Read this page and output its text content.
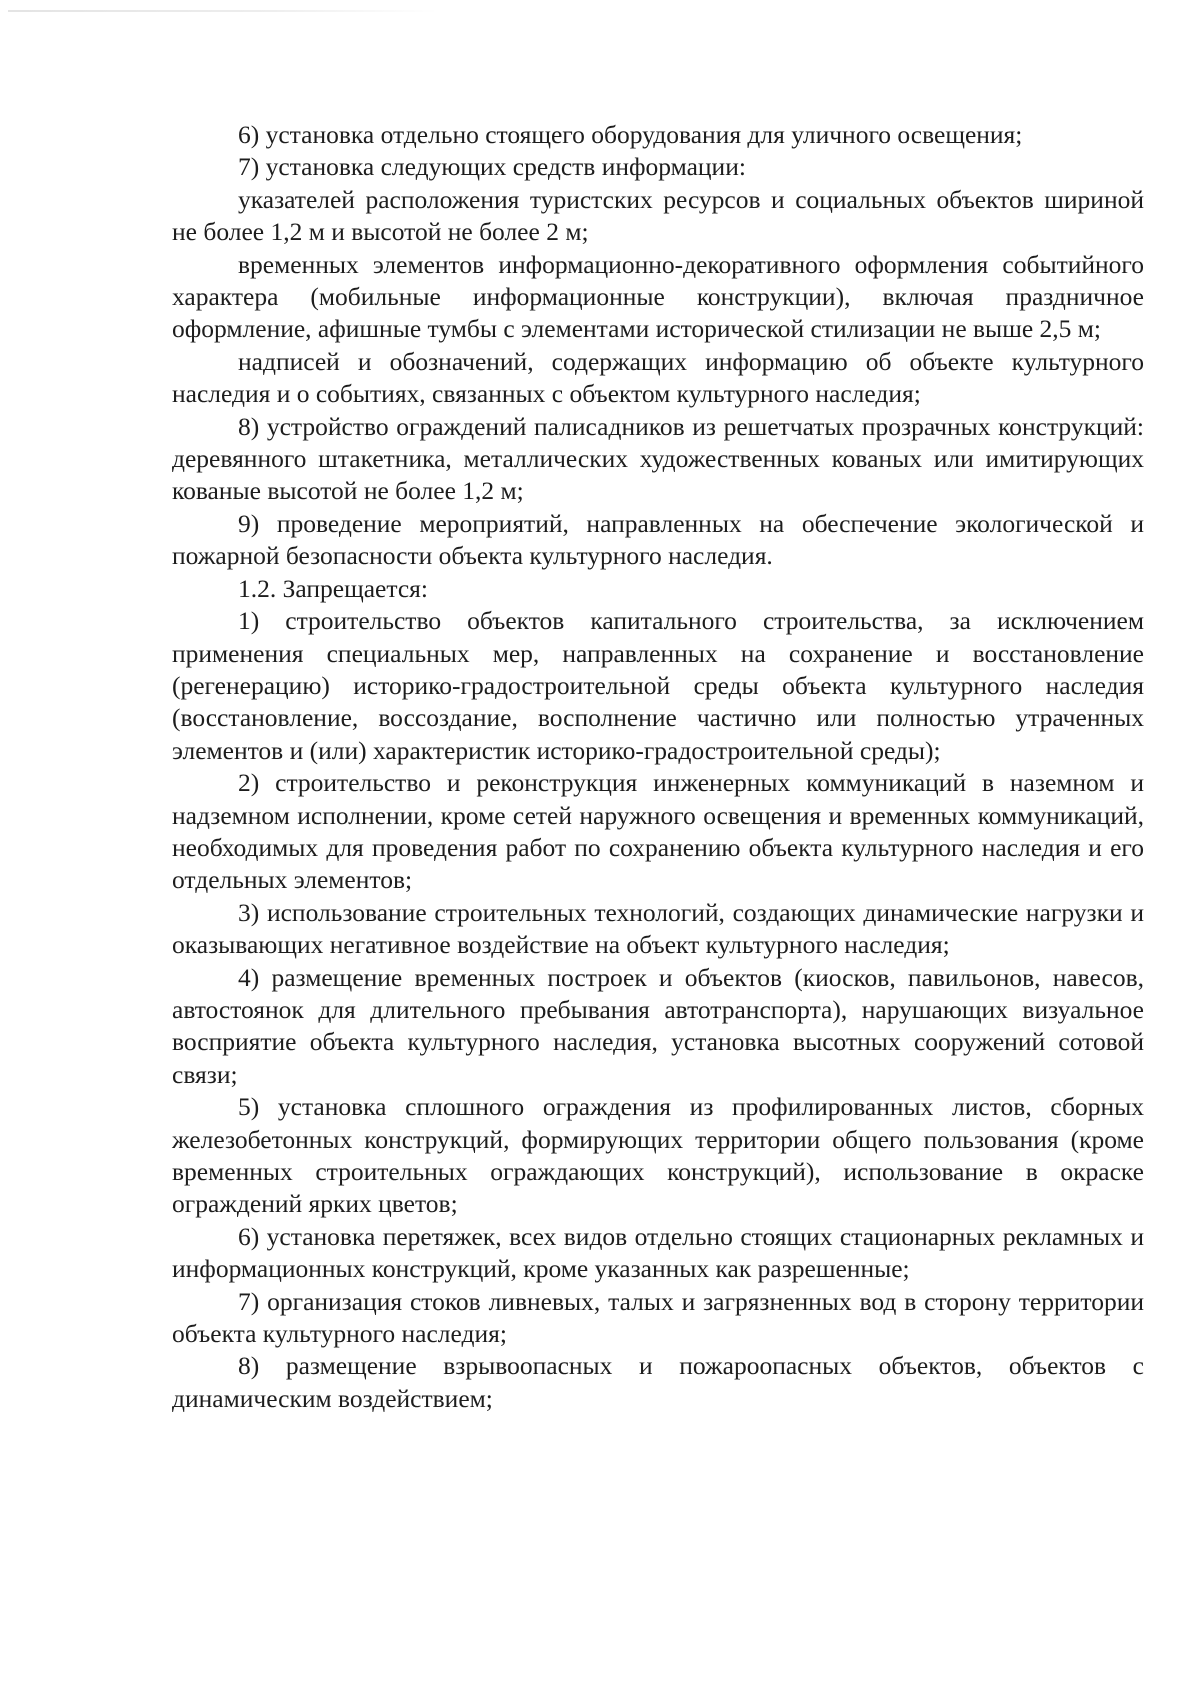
6) установка отдельно стоящего оборудования для уличного освещения;

7) установка следующих средств информации:

указателей расположения туристских ресурсов и социальных объектов шириной не более 1,2 м и высотой не более 2 м;

временных элементов информационно-декоративного оформления событийного характера (мобильные информационные конструкции), включая праздничное оформление, афишные тумбы с элементами исторической стилизации не выше 2,5 м;

надписей и обозначений, содержащих информацию об объекте культурного наследия и о событиях, связанных с объектом культурного наследия;

8) устройство ограждений палисадников из решетчатых прозрачных конструкций: деревянного штакетника, металлических художественных кованых или имитирующих кованые высотой не более 1,2 м;

9) проведение мероприятий, направленных на обеспечение экологической и пожарной безопасности объекта культурного наследия.

1.2. Запрещается:

1) строительство объектов капитального строительства, за исключением применения специальных мер, направленных на сохранение и восстановление (регенерацию) историко-градостроительной среды объекта культурного наследия (восстановление, воссоздание, восполнение частично или полностью утраченных элементов и (или) характеристик историко-градостроительной среды);

2) строительство и реконструкция инженерных коммуникаций в наземном и надземном исполнении, кроме сетей наружного освещения и временных коммуникаций, необходимых для проведения работ по сохранению объекта культурного наследия и его отдельных элементов;

3) использование строительных технологий, создающих динамические нагрузки и оказывающих негативное воздействие на объект культурного наследия;

4) размещение временных построек и объектов (киосков, павильонов, навесов, автостоянок для длительного пребывания автотранспорта), нарушающих визуальное восприятие объекта культурного наследия, установка высотных сооружений сотовой связи;

5) установка сплошного ограждения из профилированных листов, сборных железобетонных конструкций, формирующих территории общего пользования (кроме временных строительных ограждающих конструкций), использование в окраске ограждений ярких цветов;

6) установка перетяжек, всех видов отдельно стоящих стационарных рекламных и информационных конструкций, кроме указанных как разрешенные;

7) организация стоков ливневых, талых и загрязненных вод в сторону территории объекта культурного наследия;

8) размещение взрывоопасных и пожароопасных объектов, объектов с динамическим воздействием;
